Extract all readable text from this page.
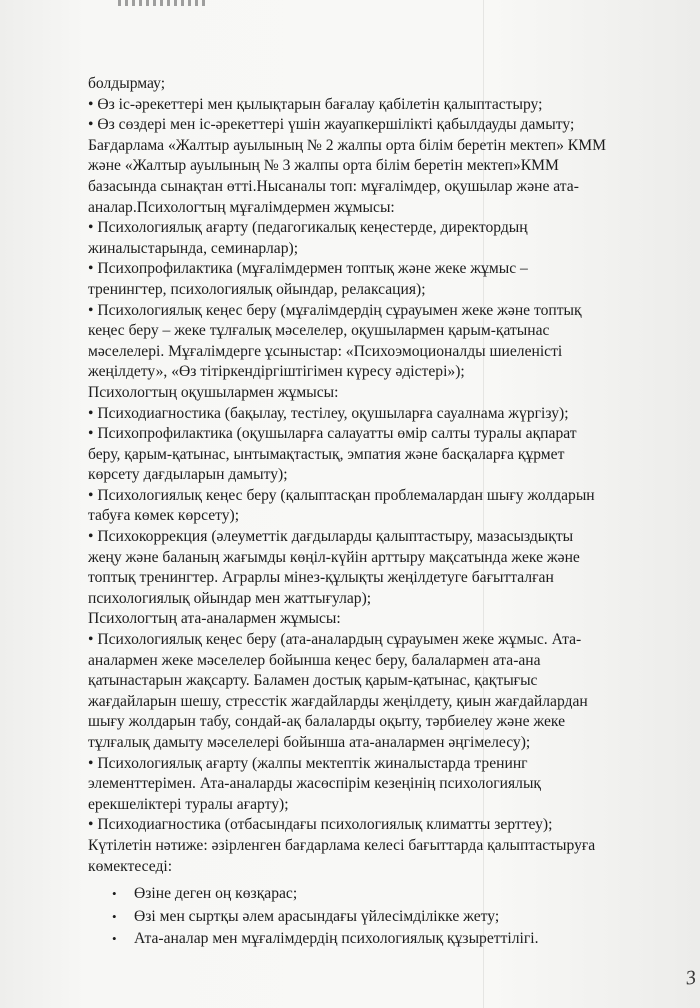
болдырмау;
• Өз іс-әрекеттері мен қылықтарын бағалау қабілетін қалыптастыру;
• Өз сөздері мен іс-әрекеттері үшін жауапкершілікті қабылдауды дамыту;
Бағдарлама «Жалтыр ауылының № 2 жалпы орта білім беретін мектеп» КММ
және «Жалтыр ауылының № 3 жалпы орта білім беретін мектеп»КММ
базасында сынақтан өтті.Нысаналы топ: мұғалімдер, оқушылар және ата-
аналар.Психологтың мұғалімдермен жұмысы:
• Психологиялық ағарту (педагогикалық кеңестерде, директордың
жиналыстарында, семинарлар);
• Психопрофилактика (мұғалімдермен топтық және жеке жұмыс –
тренингтер, психологиялық ойындар, релаксация);
• Психологиялық кеңес беру (мұғалімдердің сұрауымен жеке және топтық
кеңес беру – жеке тұлғалық мәселелер, оқушылармен қарым-қатынас
мәселелері. Мұғалімдерге ұсыныстар: «Психоэмоционалды шиеленісті
жеңілдету», «Өз тітіркендіргіштігімен күресу әдістері»);
Психологтың оқушылармен жұмысы:
• Психодиагностика (бақылау, тестілеу, оқушыларға сауалнама жүргізу);
• Психопрофилактика (оқушыларға салауатты өмір салты туралы ақпарат
беру, қарым-қатынас, ынтымақтастық, эмпатия және басқаларға құрмет
көрсету дағдыларын дамыту);
• Психологиялық кеңес беру (қалыптасқан проблемалардан шығу жолдарын
табуға көмек көрсету);
• Психокоррекция (әлеуметтік дағдыларды қалыптастыру, мазасыздықты
жеңу және баланың жағымды көңіл-күйін арттыру мақсатында жеке және
топтық тренингтер. Агрaрлы мінез-құлықты жеңілдетуге бағытталған
психологиялық ойындар мен жаттығулар);
Психологтың ата-аналармен жұмысы:
• Психологиялық кеңес беру (ата-аналардың сұрауымен жеке жұмыс. Ата-
аналармен жеке мәселелер бойынша кеңес беру, балалармен ата-ана
қатынастарын жақсарту. Баламен достық қарым-қатынас, қақтығыс
жағдайларын шешу, стресстік жағдайларды жеңілдету, қиын жағдайлардан
шығу жолдарын табу, сондай-ақ балаларды оқыту, тәрбиелеу және жеке
тұлғалық дамыту мәселелері бойынша ата-аналармен әңгімелесу);
• Психологиялық ағарту (жалпы мектептік жиналыстарда тренинг
элементтерімен. Ата-аналарды жасөспірім кезеңінің психологиялық
ерекшеліктері туралы ағарту);
• Психодиагностика (отбасындағы психологиялық климатты зерттеу);
Күтілетін нәтиже: әзірленген бағдарлама келесі бағыттарда қалыптастыруға
көмектеседі:
• Өзіне деген оң көзқарас;
• Өзі мен сыртқы әлем арасындағы үйлесімділікке жету;
• Ата-аналар мен мұғалімдердің психологиялық құзыреттілігі.
3
